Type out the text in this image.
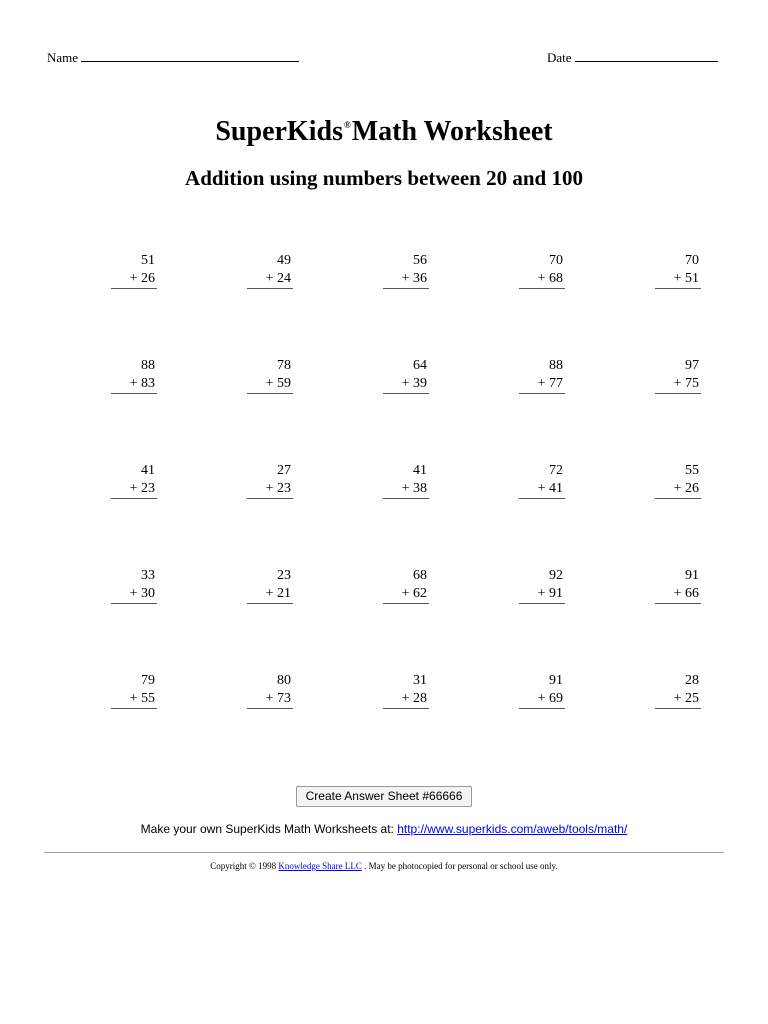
Name	Date
SuperKids®Math Worksheet
Addition using numbers between 20 and 100
51
+ 26
49
+ 24
56
+ 36
70
+ 68
70
+ 51
88
+ 83
78
+ 59
64
+ 39
88
+ 77
97
+ 75
41
+ 23
27
+ 23
41
+ 38
72
+ 41
55
+ 26
33
+ 30
23
+ 21
68
+ 62
92
+ 91
91
+ 66
79
+ 55
80
+ 73
31
+ 28
91
+ 69
28
+ 25
Create Answer Sheet #66666
Make your own SuperKids Math Worksheets at: http://www.superkids.com/aweb/tools/math/
Copyright © 1998 Knowledge Share LLC . May be photocopied for personal or school use only.
